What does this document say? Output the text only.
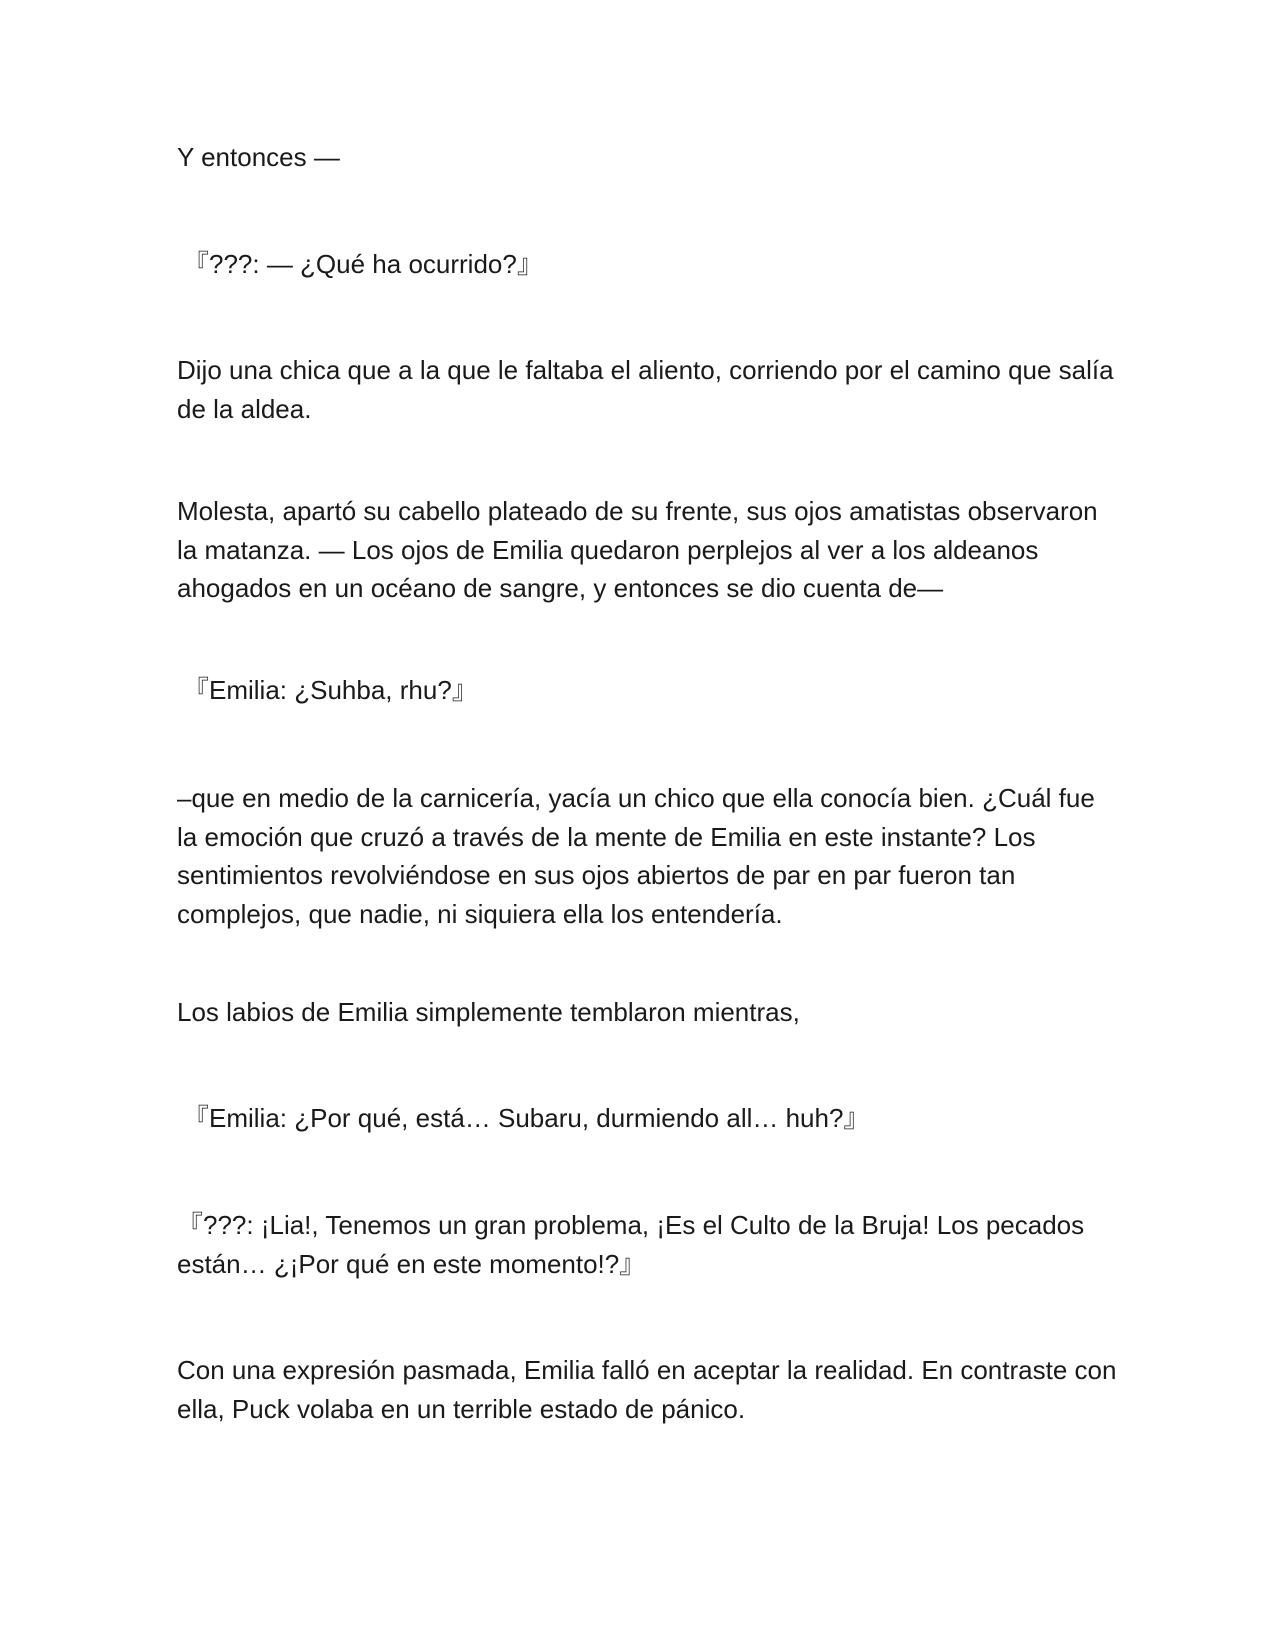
Y entonces —

『???: — ¿Qué ha ocurrido?』

Dijo una chica que a la que le faltaba el aliento, corriendo por el camino que salía de la aldea.

Molesta, apartó su cabello plateado de su frente, sus ojos amatistas observaron la matanza. — Los ojos de Emilia quedaron perplejos al ver a los aldeanos ahogados en un océano de sangre, y entonces se dio cuenta de—

『Emilia: ¿Suhba, rhu?』

–que en medio de la carnicería, yacía un chico que ella conocía bien. ¿Cuál fue la emoción que cruzó a través de la mente de Emilia en este instante? Los sentimientos revolviéndose en sus ojos abiertos de par en par fueron tan complejos, que nadie, ni siquiera ella los entendería.

Los labios de Emilia simplemente temblaron mientras,

『Emilia: ¿Por qué, está… Subaru, durmiendo all… huh?』

『???: ¡Lia!, Tenemos un gran problema, ¡Es el Culto de la Bruja! Los pecados están… ¿¡Por qué en este momento!?』

Con una expresión pasmada, Emilia falló en aceptar la realidad. En contraste con ella, Puck volaba en un terrible estado de pánico.
